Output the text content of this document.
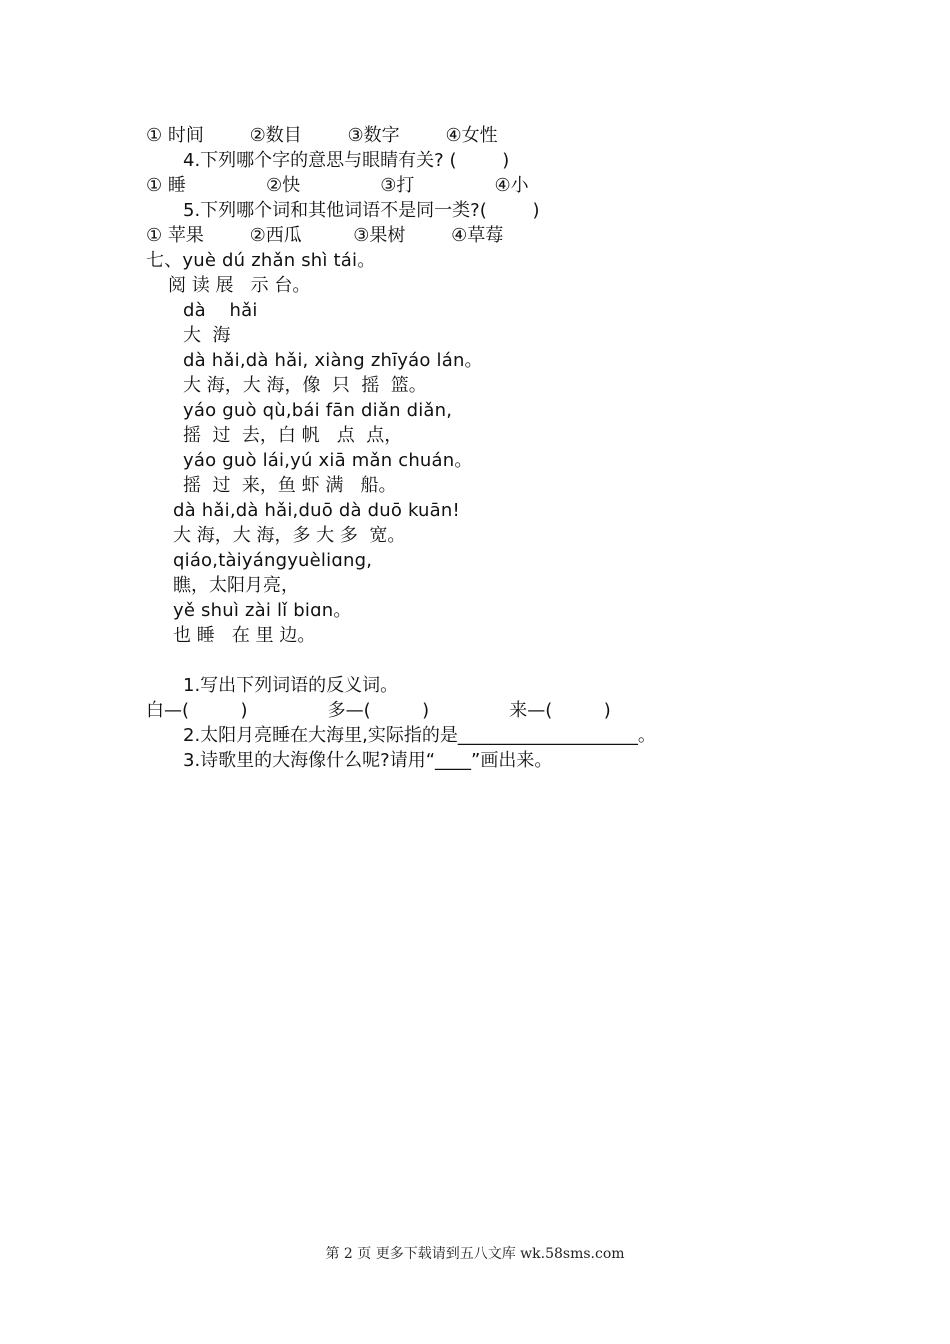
① 时间        ②数目        ③数字        ④女性
4.下列哪个字的意思与眼睛有关? (        )
① 睡              ②快              ③打              ④小
5.下列哪个词和其他词语不是同一类?(        )
① 苹果        ②西瓜         ③果树        ④草莓
七、yuè dú zhǎn shì tái。
阅 读 展   示 台。
dà    hǎi
大  海
dà hǎi,dà hǎi, xiàng zhīyáo lán。
大 海，大 海，像  只  摇  篮。
yáo guò qù,bái fān diǎn diǎn,
摇  过  去，白 帆   点  点，
yáo guò lái,yú xiā mǎn chuán。
摇  过  来，鱼 虾 满   船。
dà hǎi,dà hǎi,duō dà duō kuān!
大 海，大 海，多 大 多  宽。
qiáo,tàiyángyuèliɑng,
瞧，太阳月亮，
yě shuì zài lǐ biɑn。
也 睡   在 里 边。
1.写出下列词语的反义词。
白—(         )              多—(         )              来—(         )
2.太阳月亮睡在大海里,实际指的是____________________。
3.诗歌里的大海像什么呢?请用“____”画出来。
第 2 页 更多下载请到五八文库 wk.58sms.com
